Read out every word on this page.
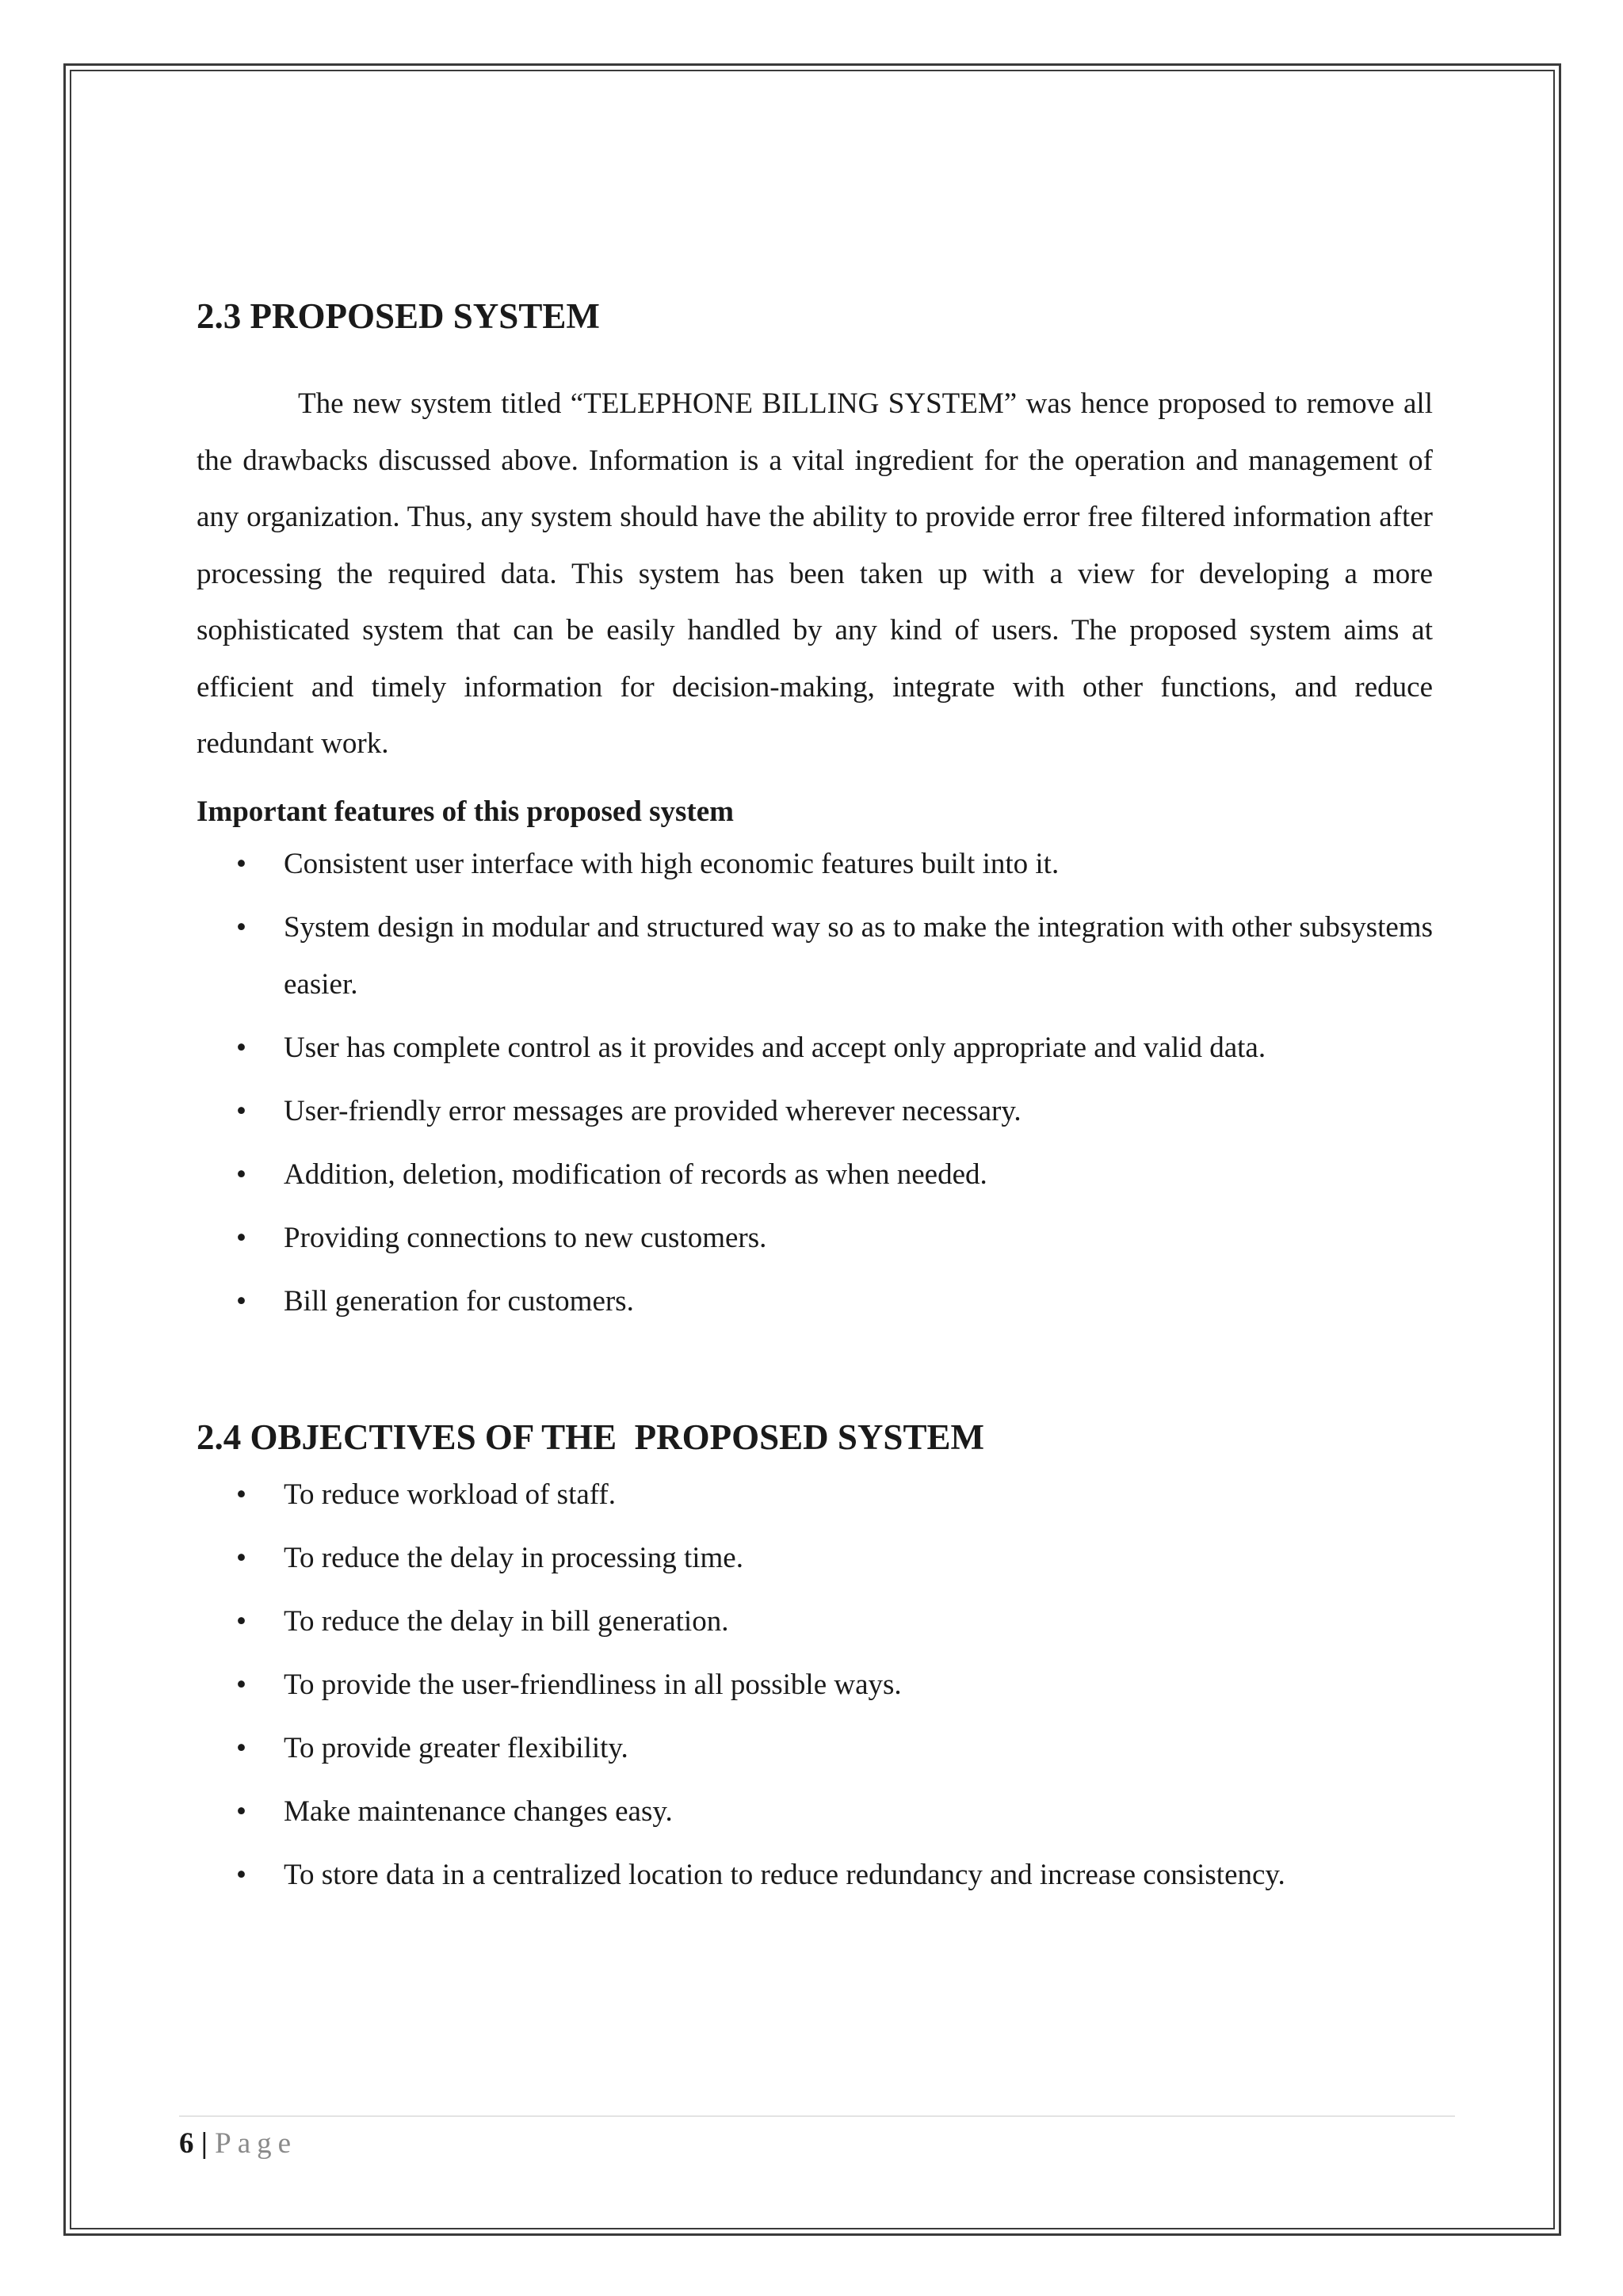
2.3 PROPOSED SYSTEM

The new system titled “TELEPHONE BILLING SYSTEM” was hence proposed to remove all the drawbacks discussed above. Information is a vital ingredient for the operation and management of any organization. Thus, any system should have the ability to provide error free filtered information after processing the required data. This system has been taken up with a view for developing a more sophisticated system that can be easily handled by any kind of users. The proposed system aims at efficient and timely information for decision-making, integrate with other functions, and reduce redundant work.

Important features of this proposed system

• Consistent user interface with high economic features built into it.
• System design in modular and structured way so as to make the integration with other subsystems easier.
• User has complete control as it provides and accept only appropriate and valid data.
• User-friendly error messages are provided wherever necessary.
• Addition, deletion, modification of records as when needed.
• Providing connections to new customers.
• Bill generation for customers.
2.4 OBJECTIVES OF THE  PROPOSED SYSTEM
• To reduce workload of staff.
• To reduce the delay in processing time.
• To reduce the delay in bill generation.
• To provide the user-friendliness in all possible ways.
• To provide greater flexibility.
• Make maintenance changes easy.
• To store data in a centralized location to reduce redundancy and increase consistency.
6 | Page
